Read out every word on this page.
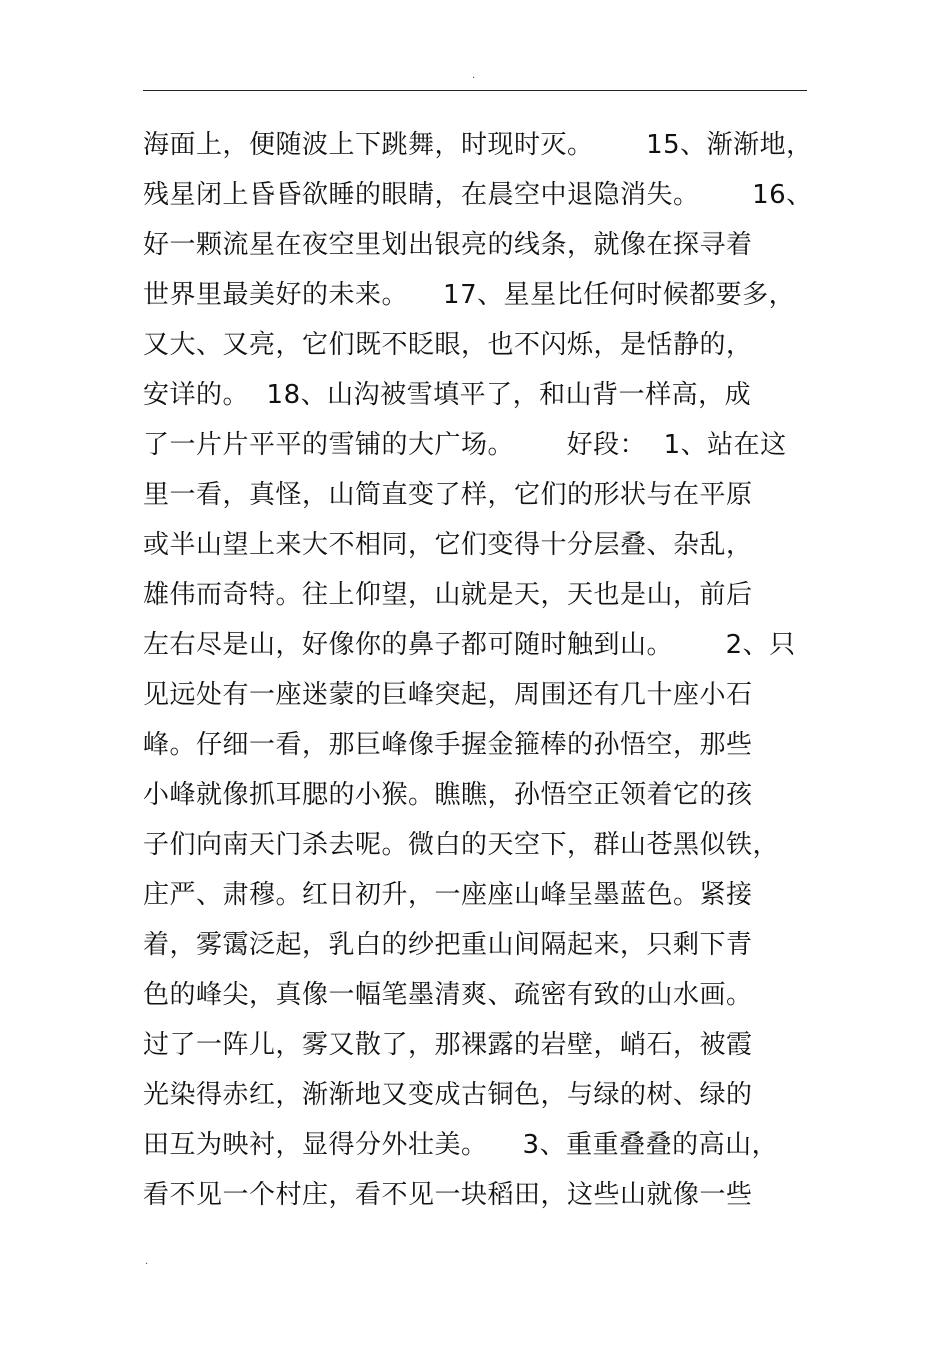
.
海面上，便随波上下跳舞，时现时灭。      15、渐渐地，
残星闭上昏昏欲睡的眼睛，在晨空中退隐消失。      16、
好一颗流星在夜空里划出银亮的线条，就像在探寻着
世界里最美好的未来。    17、星星比任何时候都要多，
又大、又亮，它们既不眨眼，也不闪烁，是恬静的，
安详的。  18、山沟被雪填平了，和山背一样高，成
了一片片平平的雪铺的大广场。      好段：  1、站在这
里一看，真怪，山简直变了样，它们的形状与在平原
或半山望上来大不相同，它们变得十分层叠、杂乱，
雄伟而奇特。往上仰望，山就是天，天也是山，前后
左右尽是山，好像你的鼻子都可随时触到山。      2、只
见远处有一座迷蒙的巨峰突起，周围还有几十座小石
峰。仔细一看，那巨峰像手握金箍棒的孙悟空，那些
小峰就像抓耳腮的小猴。瞧瞧，孙悟空正领着它的孩
子们向南天门杀去呢。微白的天空下，群山苍黑似铁，
庄严、肃穆。红日初升，一座座山峰呈墨蓝色。紧接
着，雾霭泛起，乳白的纱把重山间隔起来，只剩下青
色的峰尖，真像一幅笔墨清爽、疏密有致的山水画。
过了一阵儿，雾又散了，那裸露的岩壁，峭石，被霞
光染得赤红，渐渐地又变成古铜色，与绿的树、绿的
田互为映衬，显得分外壮美。    3、重重叠叠的高山，
看不见一个村庄，看不见一块稻田，这些山就像一些
.
